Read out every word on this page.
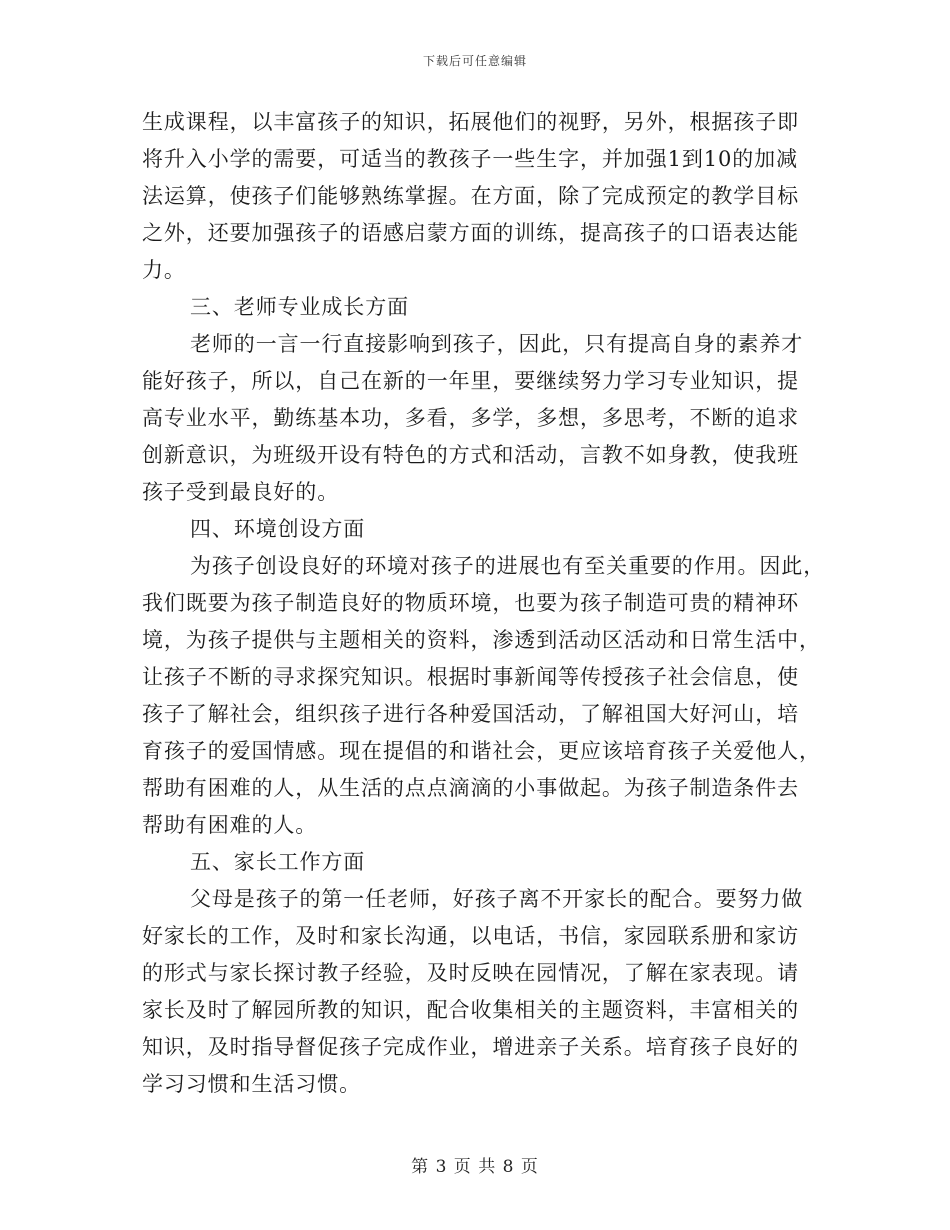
下载后可任意编辑
生成课程，以丰富孩子的知识，拓展他们的视野，另外，根据孩子即
将升入小学的需要，可适当的教孩子一些生字，并加强1到10的加减
法运算，使孩子们能够熟练掌握。在方面，除了完成预定的教学目标
之外，还要加强孩子的语感启蒙方面的训练，提高孩子的口语表达能
力。
三、老师专业成长方面
老师的一言一行直接影响到孩子，因此，只有提高自身的素养才
能好孩子，所以，自己在新的一年里，要继续努力学习专业知识，提
高专业水平，勤练基本功，多看，多学，多想，多思考，不断的追求
创新意识，为班级开设有特色的方式和活动，言教不如身教，使我班
孩子受到最良好的。
四、环境创设方面
为孩子创设良好的环境对孩子的进展也有至关重要的作用。因此，
我们既要为孩子制造良好的物质环境，也要为孩子制造可贵的精神环
境，为孩子提供与主题相关的资料，渗透到活动区活动和日常生活中，
让孩子不断的寻求探究知识。根据时事新闻等传授孩子社会信息，使
孩子了解社会，组织孩子进行各种爱国活动，了解祖国大好河山，培
育孩子的爱国情感。现在提倡的和谐社会，更应该培育孩子关爱他人，
帮助有困难的人，从生活的点点滴滴的小事做起。为孩子制造条件去
帮助有困难的人。
五、家长工作方面
父母是孩子的第一任老师，好孩子离不开家长的配合。要努力做
好家长的工作，及时和家长沟通，以电话，书信，家园联系册和家访
的形式与家长探讨教子经验，及时反映在园情况，了解在家表现。请
家长及时了解园所教的知识，配合收集相关的主题资料，丰富相关的
知识，及时指导督促孩子完成作业，增进亲子关系。培育孩子良好的
学习习惯和生活习惯。
第 3 页 共 8 页
